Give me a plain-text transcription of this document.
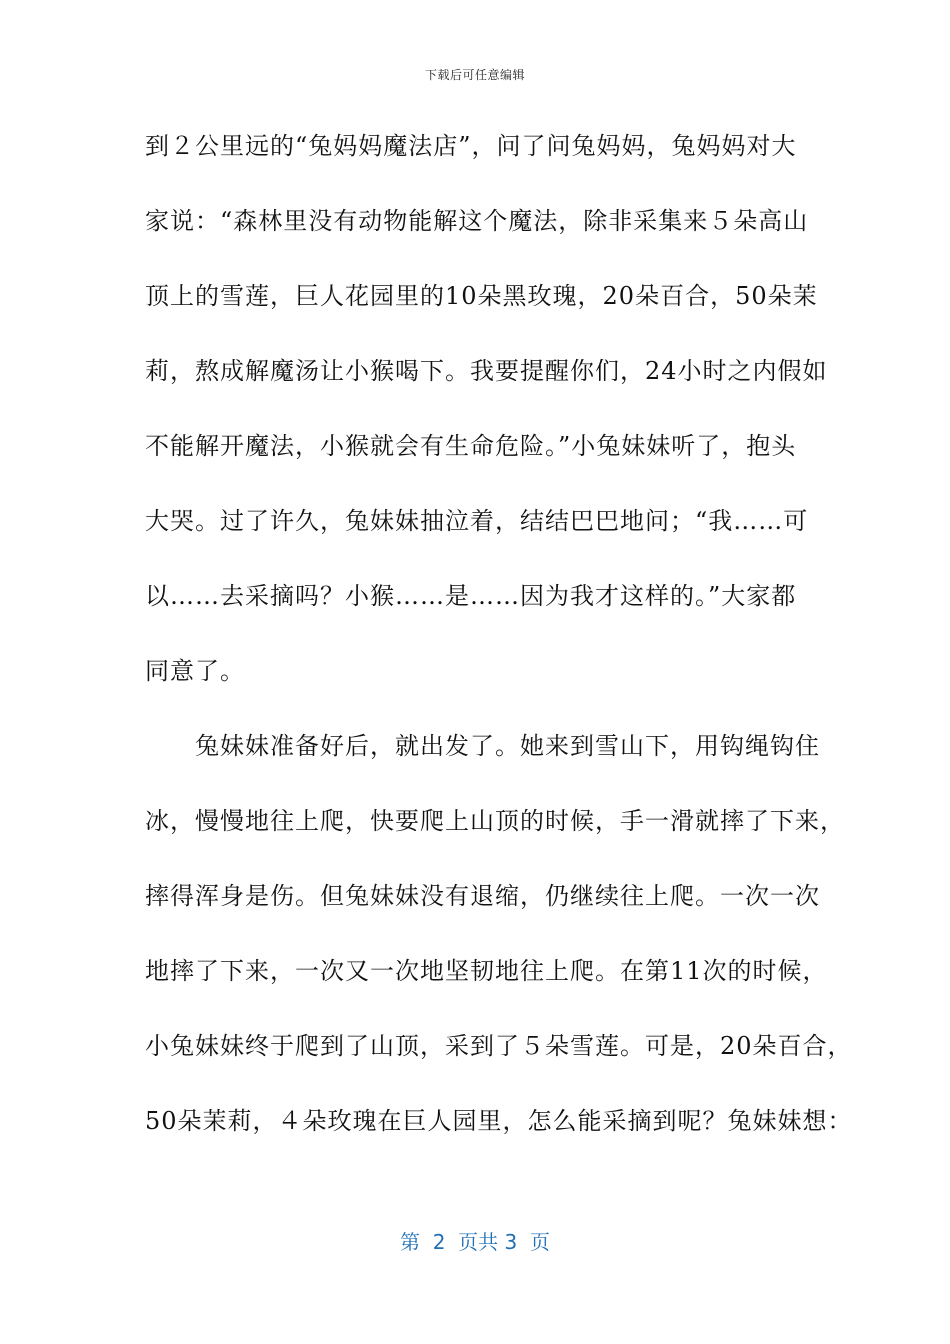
下载后可任意编辑
到２公里远的“兔妈妈魔法店”，问了问兔妈妈，兔妈妈对大
家说：“森林里没有动物能解这个魔法，除非采集来５朵高山
顶上的雪莲，巨人花园里的10朵黑玫瑰，20朵百合，50朵茉
莉，熬成解魔汤让小猴喝下。我要提醒你们，24小时之内假如
不能解开魔法，小猴就会有生命危险。”小兔妹妹听了，抱头
大哭。过了许久，兔妹妹抽泣着，结结巴巴地问；“我……可
以……去采摘吗？小猴……是……因为我才这样的。”大家都
同意了。
　　兔妹妹准备好后，就出发了。她来到雪山下，用钩绳钩住
冰，慢慢地往上爬，快要爬上山顶的时候，手一滑就摔了下来，
摔得浑身是伤。但兔妹妹没有退缩，仍继续往上爬。一次一次
地摔了下来，一次又一次地坚韧地往上爬。在第11次的时候，
小兔妹妹终于爬到了山顶，采到了５朵雪莲。可是，20朵百合，
50朵茉莉，４朵玫瑰在巨人园里，怎么能采摘到呢？兔妹妹想：
第  2  页共 3  页
